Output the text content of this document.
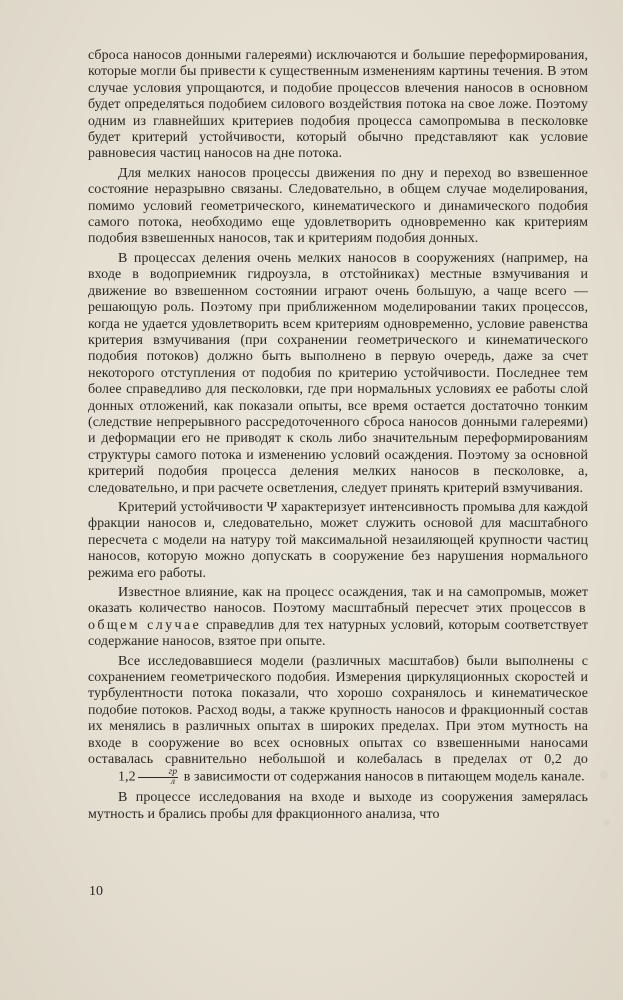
сброса наносов донными галереями) исключаются и большие переформирования, которые могли бы привести к существенным изменениям картины течения. В этом случае условия упрощаются, и подобие процессов влечения наносов в основном будет определяться подобием силового воздействия потока на свое ложе. Поэтому одним из главнейших критериев подобия процесса самопромыва в песколовке будет критерий устойчивости, который обычно представляют как условие равновесия частиц наносов на дне потока.

Для мелких наносов процессы движения по дну и переход во взвешенное состояние неразрывно связаны. Следовательно, в общем случае моделирования, помимо условий геометрического, кинематического и динамического подобия самого потока, необходимо еще удовлетворить одновременно как критериям подобия взвешенных наносов, так и критериям подобия донных.

В процессах деления очень мелких наносов в сооружениях (например, на входе в водоприемник гидроузла, в отстойниках) местные взмучивания и движение во взвешенном состоянии играют очень большую, а чаще всего — решающую роль. Поэтому при приближенном моделировании таких процессов, когда не удается удовлетворить всем критериям одновременно, условие равенства критерия взмучивания (при сохранении геометрического и кинематического подобия потоков) должно быть выполнено в первую очередь, даже за счет некоторого отступления от подобия по критерию устойчивости. Последнее тем более справедливо для песколовки, где при нормальных условиях ее работы слой донных отложений, как показали опыты, все время остается достаточно тонким (следствие непрерывного рассредоточенного сброса наносов донными галереями) и деформации его не приводят к сколь либо значительным переформированиям структуры самого потока и изменению условий осаждения. Поэтому за основной критерий подобия процесса деления мелких наносов в песколовке, а, следовательно, и при расчете осветления, следует принять критерий взмучивания.

Критерий устойчивости Ψ характеризует интенсивность промыва для каждой фракции наносов и, следовательно, может служить основой для масштабного пересчета с модели на натуру той максимальной незаиляющей крупности частиц наносов, которую можно допускать в сооружение без нарушения нормального режима его работы.

Известное влияние, как на процесс осаждения, так и на самопромыв, может оказать количество наносов. Поэтому масштабный пересчет этих процессов в общем случае справедлив для тех натурных условий, которым соответствует содержание наносов, взятое при опыте.

Все исследовавшиеся модели (различных масштабов) были выполнены с сохранением геометрического подобия. Измерения циркуляционных скоростей и турбулентности потока показали, что хорошо сохранялось и кинематическое подобие потоков. Расход воды, а также крупность наносов и фракционный состав их менялись в различных опытах в широких пределах. При этом мутность на входе в сооружение во всех основных опытах со взвешенными наносами оставалась сравнительно небольшой и колебалась в пределах от 0,2 до $1,2 \frac{гр}{л}$ в зависимости от содержания наносов в питающем модель канале.

В процессе исследования на входе и выходе из сооружения замерялась мутность и брались пробы для фракционного анализа, что

10
